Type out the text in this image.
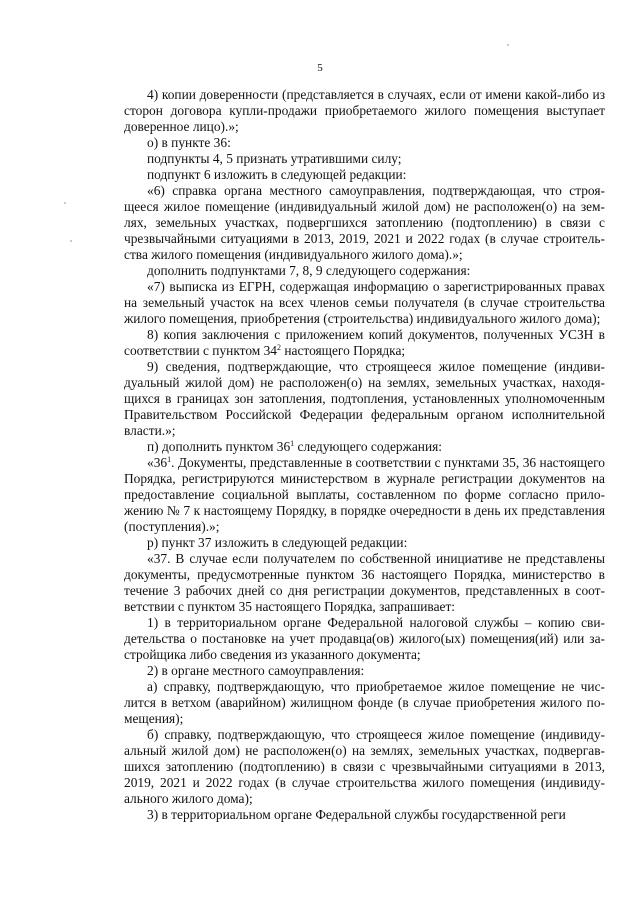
5

4) копии доверенности (представляется в случаях, если от имени какой-либо из сторон договора купли-продажи приобретаемого жилого помещения выступает доверенное лицо).»;

о) в пункте 36:

подпункты 4, 5 признать утратившими силу;

подпункт 6 изложить в следующей редакции:

«6) справка органа местного самоуправления, подтверждающая, что строящееся жилое помещение (индивидуальный жилой дом) не расположен(о) на землях, земельных участках, подвергшихся затоплению (подтоплению) в связи с чрезвычайными ситуациями в 2013, 2019, 2021 и 2022 годах (в случае строительства жилого помещения (индивидуального жилого дома).»;

дополнить подпунктами 7, 8, 9 следующего содержания:

«7) выписка из ЕГРН, содержащая информацию о зарегистрированных правах на земельный участок на всех членов семьи получателя (в случае строительства жилого помещения, приобретения (строительства) индивидуального жилого дома);

8) копия заключения с приложением копий документов, полученных УСЗН в соответствии с пунктом $34^2$ настоящего Порядка;

9) сведения, подтверждающие, что строящееся жилое помещение (индивидуальный жилой дом) не расположен(о) на землях, земельных участках, находящихся в границах зон затопления, подтопления, установленных уполномоченным Правительством Российской Федерации федеральным органом исполнительной власти.»;

п) дополнить пунктом $36^1$ следующего содержания:

«$36^1$. Документы, представленные в соответствии с пунктами 35, 36 настоящего Порядка, регистрируются министерством в журнале регистрации документов на предоставление социальной выплаты, составленном по форме согласно приложению № 7 к настоящему Порядку, в порядке очередности в день их представления (поступления).»;

р) пункт 37 изложить в следующей редакции:

«37. В случае если получателем по собственной инициативе не представлены документы, предусмотренные пунктом 36 настоящего Порядка, министерство в течение 3 рабочих дней со дня регистрации документов, представленных в соответствии с пунктом 35 настоящего Порядка, запрашивает:

1) в территориальном органе Федеральной налоговой службы – копию свидетельства о постановке на учет продавца(ов) жилого(ых) помещения(ий) или застройщика либо сведения из указанного документа;

2) в органе местного самоуправления:

а) справку, подтверждающую, что приобретаемое жилое помещение не числится в ветхом (аварийном) жилищном фонде (в случае приобретения жилого помещения);

б) справку, подтверждающую, что строящееся жилое помещение (индивидуальный жилой дом) не расположен(о) на землях, земельных участках, подвергавшихся затоплению (подтоплению) в связи с чрезвычайными ситуациями в 2013, 2019, 2021 и 2022 годах (в случае строительства жилого помещения (индивидуального жилого дома);

3) в территориальном органе Федеральной службы государственной реги
